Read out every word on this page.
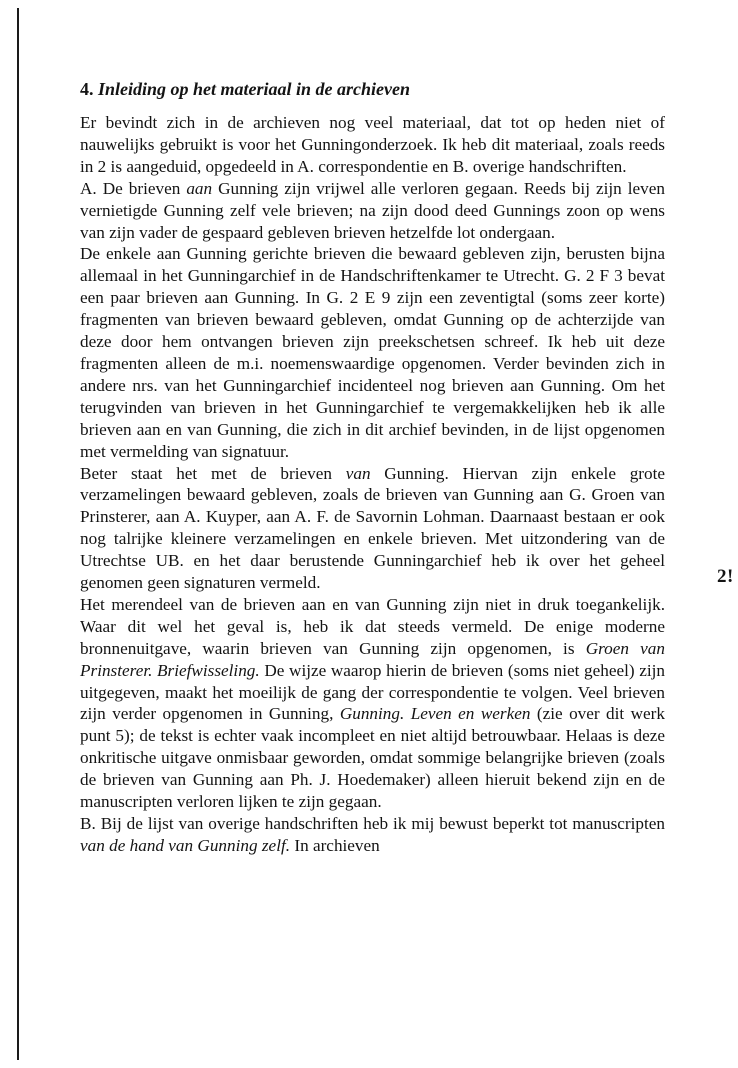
2!
4. Inleiding op het materiaal in de archieven

Er bevindt zich in de archieven nog veel materiaal, dat tot op heden niet of nauwelijks gebruikt is voor het Gunningonderzoek. Ik heb dit materiaal, zoals reeds in 2 is aangeduid, opgedeeld in A. correspondentie en B. overige handschriften.

A. De brieven aan Gunning zijn vrijwel alle verloren gegaan. Reeds bij zijn leven vernietigde Gunning zelf vele brieven; na zijn dood deed Gunnings zoon op wens van zijn vader de gespaard gebleven brieven hetzelfde lot ondergaan.

De enkele aan Gunning gerichte brieven die bewaard gebleven zijn, berusten bijna allemaal in het Gunningarchief in de Handschriftenkamer te Utrecht. G. 2 F 3 bevat een paar brieven aan Gunning. In G. 2 E 9 zijn een zeventigtal (soms zeer korte) fragmenten van brieven bewaard gebleven, omdat Gunning op de achterzijde van deze door hem ontvangen brieven zijn preekschetsen schreef. Ik heb uit deze fragmenten alleen de m.i. noemenswaardige opgenomen. Verder bevinden zich in andere nrs. van het Gunningarchief incidenteel nog brieven aan Gunning. Om het terugvinden van brieven in het Gunningarchief te vergemakkelijken heb ik alle brieven aan en van Gunning, die zich in dit archief bevinden, in de lijst opgenomen met vermelding van signatuur.

Beter staat het met de brieven van Gunning. Hiervan zijn enkele grote verzamelingen bewaard gebleven, zoals de brieven van Gunning aan G. Groen van Prinsterer, aan A. Kuyper, aan A. F. de Savornin Lohman. Daarnaast bestaan er ook nog talrijke kleinere verzamelingen en enkele brieven. Met uitzondering van de Utrechtse UB. en het daar berustende Gunningarchief heb ik over het geheel genomen geen signaturen vermeld.

Het merendeel van de brieven aan en van Gunning zijn niet in druk toegankelijk. Waar dit wel het geval is, heb ik dat steeds vermeld. De enige moderne bronnenuitgave, waarin brieven van Gunning zijn opgenomen, is Groen van Prinsterer. Briefwisseling. De wijze waarop hierin de brieven (soms niet geheel) zijn uitgegeven, maakt het moeilijk de gang der correspondentie te volgen. Veel brieven zijn verder opgenomen in Gunning, Gunning. Leven en werken (zie over dit werk punt 5); de tekst is echter vaak incompleet en niet altijd betrouwbaar. Helaas is deze onkritische uitgave onmisbaar geworden, omdat sommige belangrijke brieven (zoals de brieven van Gunning aan Ph. J. Hoedemaker) alleen hieruit bekend zijn en de manuscripten verloren lijken te zijn gegaan.

B. Bij de lijst van overige handschriften heb ik mij bewust beperkt tot manuscripten van de hand van Gunning zelf. In archieven
